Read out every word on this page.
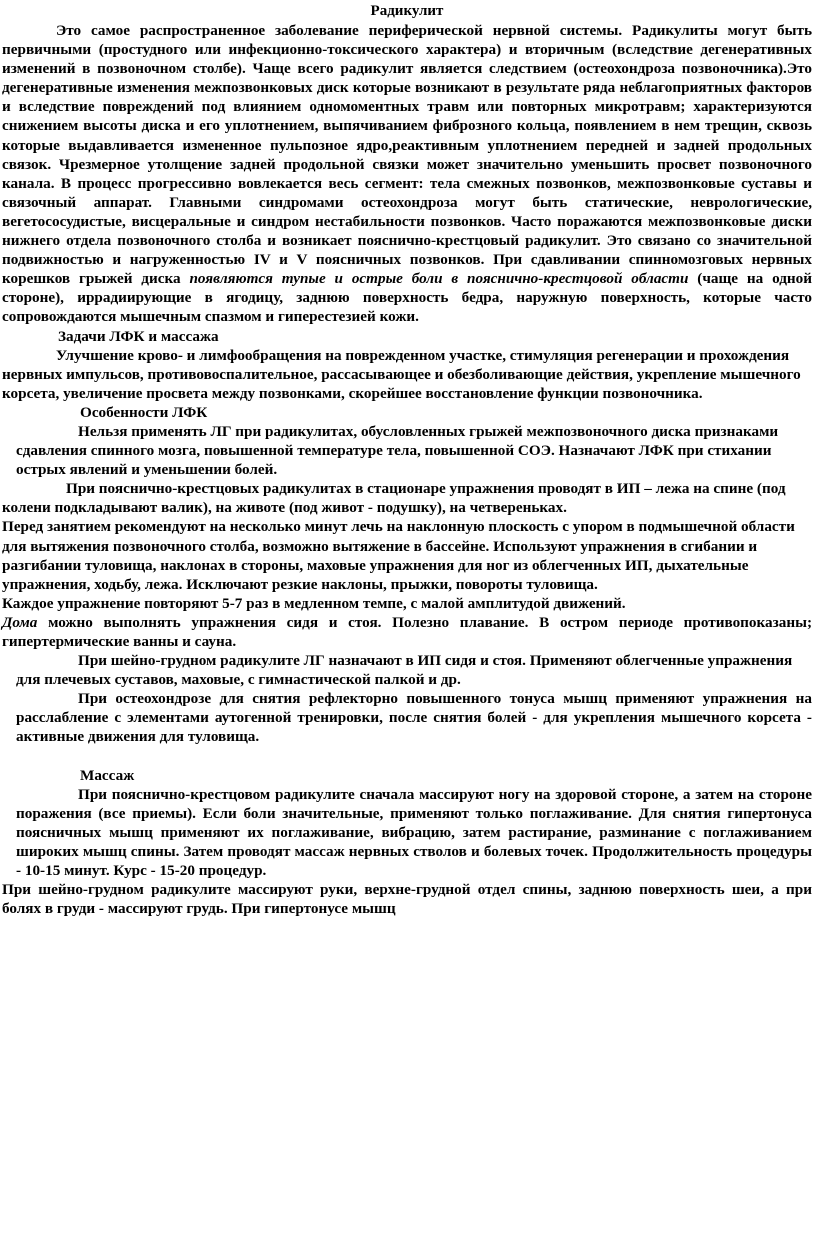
Радикулит

Это самое распространенное заболевание периферической нервной системы. Радикулиты могут быть первичными (простудного или инфекционно-токсического характера) и вторичным (вследствие дегенеративных изменений в позвоночном столбе). Чаще всего радикулит является следствием (остеохондроза позвоночника).Это дегенеративные изменения межпозвонковых диск которые возникают в результате ряда неблагоприятных факторов и вследствие повреждений под влиянием одномоментных травм или повторных микротравм; характеризуются снижением высоты диска и его уплотнением, выпячиванием фиброзного кольца, появлением в нем трещин, сквозь которые выдавливается измененное пульпозное ядро,реактивным уплотнением передней и задней продольных связок. Чрезмерное утолщение задней продольной связки может значительно уменьшить просвет позвоночного канала. В процесс прогрессивно вовлекается весь сегмент: тела смежных позвонков, межпозвонковые суставы и связочный аппарат. Главными синдромами остеохондроза могут быть статические, неврологические, вегетососудистые, висцеральные и синдром нестабильности позвонков. Часто поражаются межпозвонковые диски нижнего отдела позвоночного столба и возникает пояснично-крестцовый радикулит. Это связано со значительной подвижностью и нагруженностью IV и V поясничных позвонков. При сдавливании спинномозговых нервных корешков грыжей диска появляются тупые и острые боли в пояснично-крестцовой области (чаще на одной стороне), иррадиирующие в ягодицу, заднюю поверхность бедра, наружную поверхность, которые часто сопровождаются мышечным спазмом и гиперестезией кожи.

Задачи ЛФК и массажа

Улучшение крово- и лимфообращения на поврежденном участке, стимуляция регенерации и прохождения нервных импульсов, противовоспалительное, рассасывающее и обезболивающие действия, укрепление мышечного корсета, увеличение просвета между позвонками, скорейшее восстановление функции позвоночника.

Особенности ЛФК

Нельзя применять ЛГ при радикулитах, обусловленных грыжей межпозвоночного диска признаками сдавления спинного мозга, повышенной температуре тела, повышенной СОЭ. Назначают ЛФК при стихании острых явлений и уменьшении болей.

При пояснично-крестцовых радикулитах в стационаре упражнения проводят в ИП – лежа на спине (под колени подкладывают валик), на животе (под живот - подушку), на четвереньках.

Перед занятием рекомендуют на несколько минут лечь на наклонную плоскость с упором в подмышечной области для вытяжения позвоночного столба, возможно вытяжение в бассейне. Используют упражнения в сгибании и разгибании туловища, наклонах в стороны, маховые упражнения для ног из облегченных ИП, дыхательные упражнения, ходьбу, лежа. Исключают резкие наклоны, прыжки, повороты туловища.

Каждое упражнение повторяют 5-7 раз в медленном темпе, с малой амплитудой движений.

Дома можно выполнять упражнения сидя и стоя. Полезно плавание. В остром периоде противопоказаны; гипертермические ванны и сауна.

При шейно-грудном радикулите ЛГ назначают в ИП сидя и стоя. Применяют облегченные упражнения для плечевых суставов, маховые, с гимнастической палкой и др.

При остеохондрозе для снятия рефлекторно повышенного тонуса мышц применяют упражнения на расслабление с элементами аутогенной тренировки, после снятия болей - для укрепления мышечного корсета - активные движения для туловища.

Массаж

При пояснично-крестцовом радикулите сначала массируют ногу на здоровой стороне, а затем на стороне поражения (все приемы). Если боли значительные, применяют только поглаживание. Для снятия гипертонуса поясничных мышц применяют их поглаживание, вибрацию, затем растирание, разминание с поглаживанием широких мышц спины. Затем проводят массаж нервных стволов и болевых точек. Продолжительность процедуры - 10-15 минут. Курс - 15-20 процедур.

При шейно-грудном радикулите массируют руки, верхне-грудной отдел спины, заднюю поверхность шеи, а при болях в груди - массируют грудь. При гипертонусе мышц
